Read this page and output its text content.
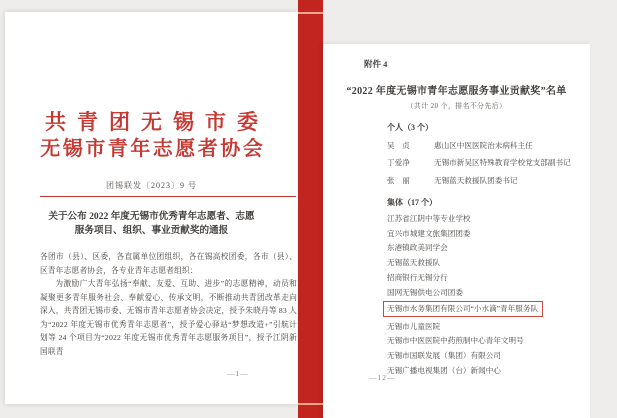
共青团无锡市委
无锡市青年志愿者协会
团锡联发〔2023〕9 号
关于公布 2022 年度无锡市优秀青年志愿者、志愿
服务项目、组织、事业贡献奖的通报

各团市（县）、区委，各直属单位团组织，各在锡高校团委，各市（县）、区青年志愿者协会，各专业青年志愿者组织：

为激励广大青年弘扬“奉献、友爱、互助、进步”的志愿精神，动员和凝聚更多青年服务社会、奉献爱心、传承文明，不断推动共青团改革走向深入，共青团无锡市委、无锡市青年志愿者协会决定，授予朱晓丹等 83 人为“2022 年度无锡市优秀青年志愿者”，授予爱心驿站“梦想改造+”引航计划等 24 个项目为“2022 年度无锡市优秀青年志愿服务项目”，授予江阴新国联青

—1—
附件 4
“2022 年度无锡市青年志愿服务事业贡献奖”名单
（共计 20 个，排名不分先后）
个人（3 个）
吴　贞	惠山区中医医院治未病科主任
丁爱净	无锡市新吴区特殊教育学校党支部副书记
张　丽	无锡蓝天救援队团委书记
集体（17 个）
江苏省江阴中等专业学校
宜兴市城建文旅集团团委
东港镇政美同学会
无锡蓝天救援队
招商银行无锡分行
国网无锡供电公司团委
无锡市水务集团有限公司“小水滴”青年服务队
无锡市儿童医院
无锡市中医医院中药煎制中心青年文明号
无锡市国联发展（集团）有限公司
无锡广播电视集团（台）新闻中心
—12—
